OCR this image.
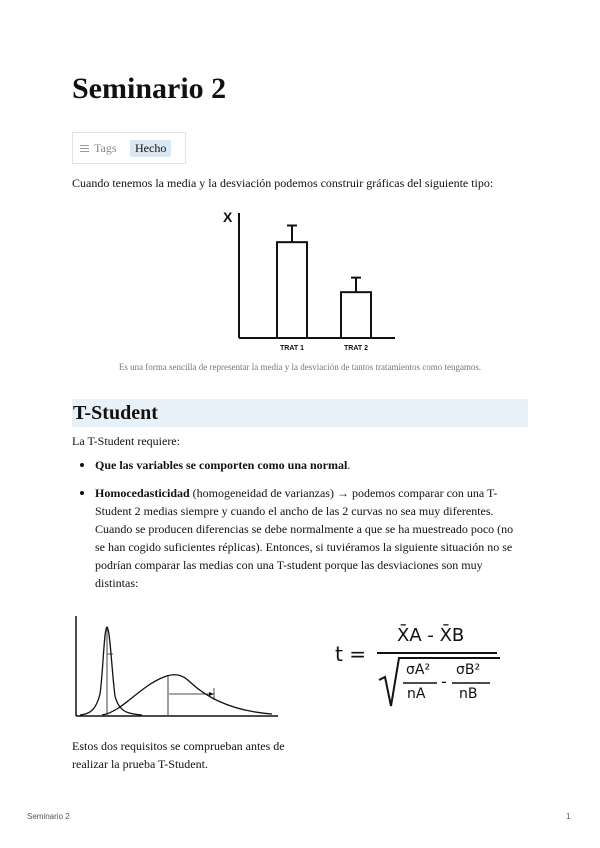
Seminario 2
Tags	Hecho

Cuando tenemos la media y la desviación podemos construir gráficas del siguiente tipo:

X
TRAT 1	TRAT 2
Es una forma sencilla de representar la media y la desviación de tantos tratamientos como tengamos.
T-Student

La T-Student requiere:

Que las variables se comporten como una normal.
Homocedasticidad (homogeneidad de varianzas) → podemos comparar con una T-Student 2 medias siempre y cuando el ancho de las 2 curvas no sea muy diferentes. Cuando se producen diferencias se debe normalmente a que se ha muestreado poco (no se han cogido suficientes réplicas). Entonces, si tuviéramos la siguiente situación no se podrían comparar las medias con una T-student porque las desviaciones son muy distintas:
t =
X̄A - X̄B
σA²
nA
-
σB²
nB

Estos dos requisitos se comprueban antes de realizar la prueba T-Student.

Seminario 2	1
